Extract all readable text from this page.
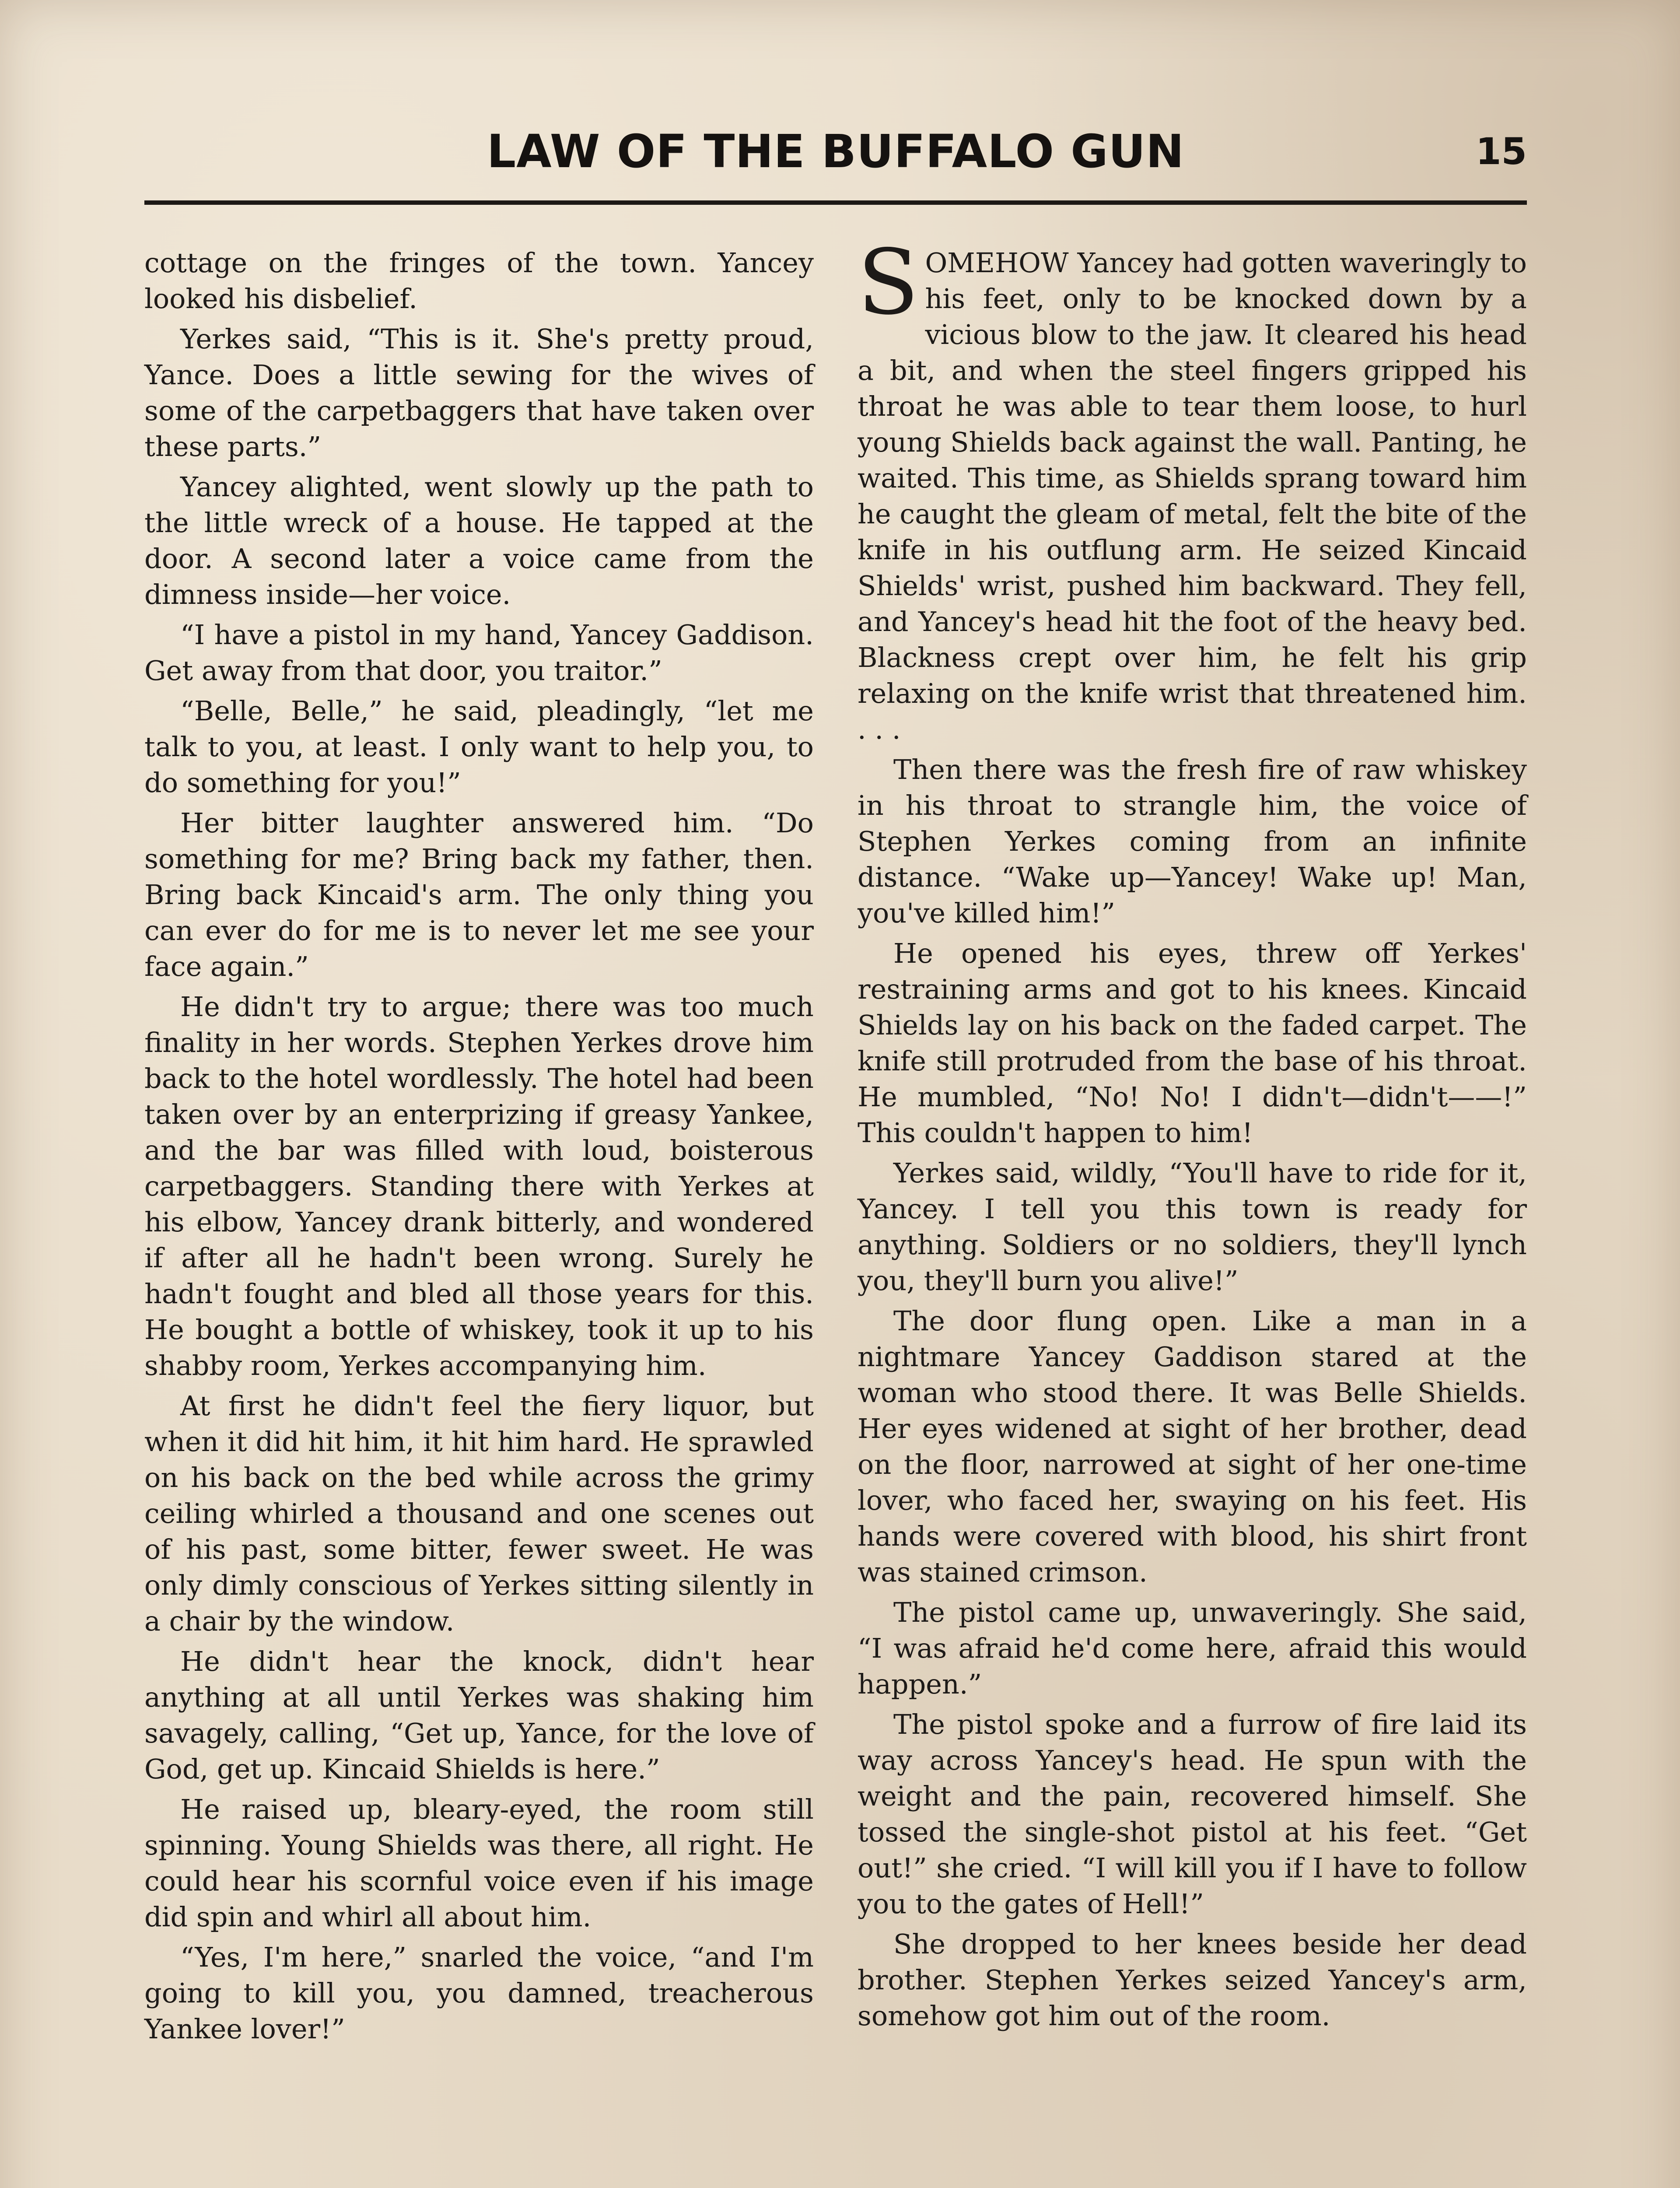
LAW OF THE BUFFALO GUN	15

cottage on the fringes of the town. Yancey looked his disbelief.

Yerkes said, “This is it. She's pretty proud, Yance. Does a little sewing for the wives of some of the carpetbaggers that have taken over these parts.”

Yancey alighted, went slowly up the path to the little wreck of a house. He tapped at the door. A second later a voice came from the dimness inside—her voice.

“I have a pistol in my hand, Yancey Gaddison. Get away from that door, you traitor.”

“Belle, Belle,” he said, pleadingly, “let me talk to you, at least. I only want to help you, to do something for you!”

Her bitter laughter answered him. “Do something for me? Bring back my father, then. Bring back Kincaid's arm. The only thing you can ever do for me is to never let me see your face again.”

He didn't try to argue; there was too much finality in her words. Stephen Yerkes drove him back to the hotel wordlessly. The hotel had been taken over by an enterprizing if greasy Yankee, and the bar was filled with loud, boisterous carpetbaggers. Standing there with Yerkes at his elbow, Yancey drank bitterly, and wondered if after all he hadn't been wrong. Surely he hadn't fought and bled all those years for this. He bought a bottle of whiskey, took it up to his shabby room, Yerkes accompanying him.

At first he didn't feel the fiery liquor, but when it did hit him, it hit him hard. He sprawled on his back on the bed while across the grimy ceiling whirled a thousand and one scenes out of his past, some bitter, fewer sweet. He was only dimly conscious of Yerkes sitting silently in a chair by the window.

He didn't hear the knock, didn't hear anything at all until Yerkes was shaking him savagely, calling, “Get up, Yance, for the love of God, get up. Kincaid Shields is here.”

He raised up, bleary-eyed, the room still spinning. Young Shields was there, all right. He could hear his scornful voice even if his image did spin and whirl all about him.

“Yes, I'm here,” snarled the voice, “and I'm going to kill you, you damned, treacherous Yankee lover!”

SOMEHOW Yancey had gotten waveringly to his feet, only to be knocked down by a vicious blow to the jaw. It cleared his head a bit, and when the steel fingers gripped his throat he was able to tear them loose, to hurl young Shields back against the wall. Panting, he waited. This time, as Shields sprang toward him he caught the gleam of metal, felt the bite of the knife in his outflung arm. He seized Kincaid Shields' wrist, pushed him backward. They fell, and Yancey's head hit the foot of the heavy bed. Blackness crept over him, he felt his grip relaxing on the knife wrist that threatened him. . . .

Then there was the fresh fire of raw whiskey in his throat to strangle him, the voice of Stephen Yerkes coming from an infinite distance. “Wake up—Yancey! Wake up! Man, you've killed him!”

He opened his eyes, threw off Yerkes' restraining arms and got to his knees. Kincaid Shields lay on his back on the faded carpet. The knife still protruded from the base of his throat. He mumbled, “No! No! I didn't—didn't——!” This couldn't happen to him!

Yerkes said, wildly, “You'll have to ride for it, Yancey. I tell you this town is ready for anything. Soldiers or no soldiers, they'll lynch you, they'll burn you alive!”

The door flung open. Like a man in a nightmare Yancey Gaddison stared at the woman who stood there. It was Belle Shields. Her eyes widened at sight of her brother, dead on the floor, narrowed at sight of her one-time lover, who faced her, swaying on his feet. His hands were covered with blood, his shirt front was stained crimson.

The pistol came up, unwaveringly. She said, “I was afraid he'd come here, afraid this would happen.”

The pistol spoke and a furrow of fire laid its way across Yancey's head. He spun with the weight and the pain, recovered himself. She tossed the single-shot pistol at his feet. “Get out!” she cried. “I will kill you if I have to follow you to the gates of Hell!”

She dropped to her knees beside her dead brother. Stephen Yerkes seized Yancey's arm, somehow got him out of the room.
